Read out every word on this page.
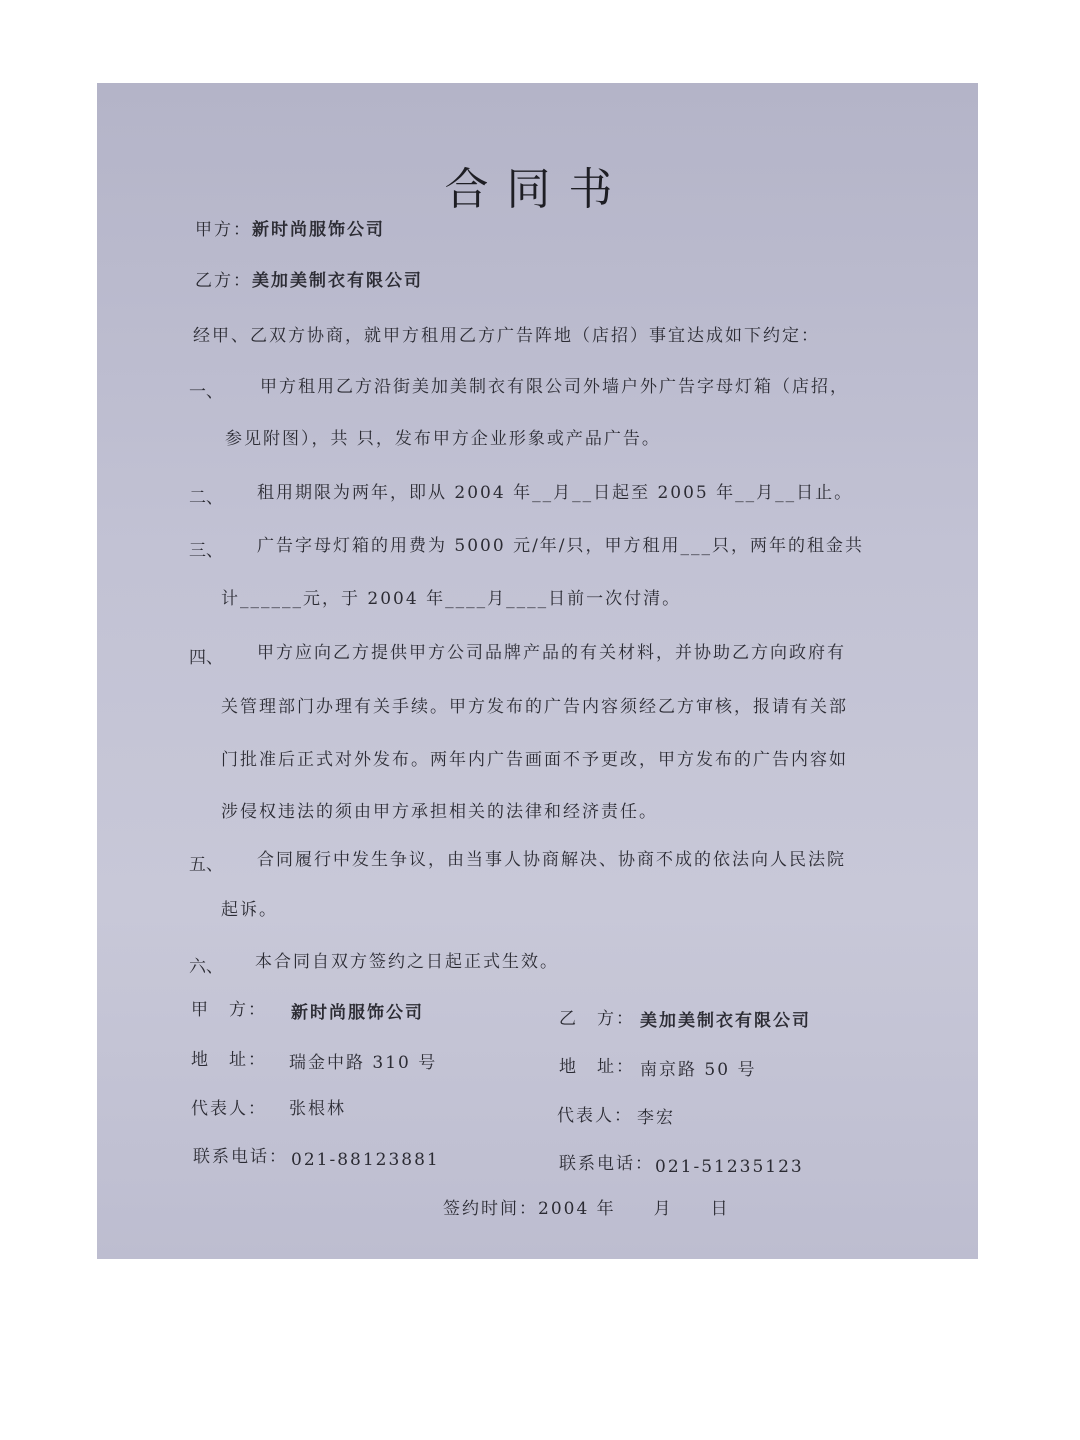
合同书
甲方：新时尚服饰公司
乙方：美加美制衣有限公司
经甲、乙双方协商，就甲方租用乙方广告阵地（店招）事宜达成如下约定：
一、 甲方租用乙方沿街美加美制衣有限公司外墙户外广告字母灯箱（店招，
参见附图），共 只，发布甲方企业形象或产品广告。
二、 租用期限为两年，即从 2004 年__月__日起至 2005 年__月__日止。
三、 广告字母灯箱的用费为 5000 元/年/只，甲方租用___只，两年的租金共
计______元，于 2004 年____月____日前一次付清。
四、 甲方应向乙方提供甲方公司品牌产品的有关材料，并协助乙方向政府有
关管理部门办理有关手续。甲方发布的广告内容须经乙方审核，报请有关部
门批准后正式对外发布。两年内广告画面不予更改，甲方发布的广告内容如
涉侵权违法的须由甲方承担相关的法律和经济责任。
五、 合同履行中发生争议，由当事人协商解决、协商不成的依法向人民法院
起诉。
六、 本合同自双方签约之日起正式生效。
甲　方： 新时尚服饰公司
地　址： 瑞金中路 310 号
代表人： 张根林
联系电话： 021-88123881
乙　方： 美加美制衣有限公司
地　址： 南京路 50 号
代表人： 李宏
联系电话： 021-51235123
签约时间：2004 年　　月　　日
